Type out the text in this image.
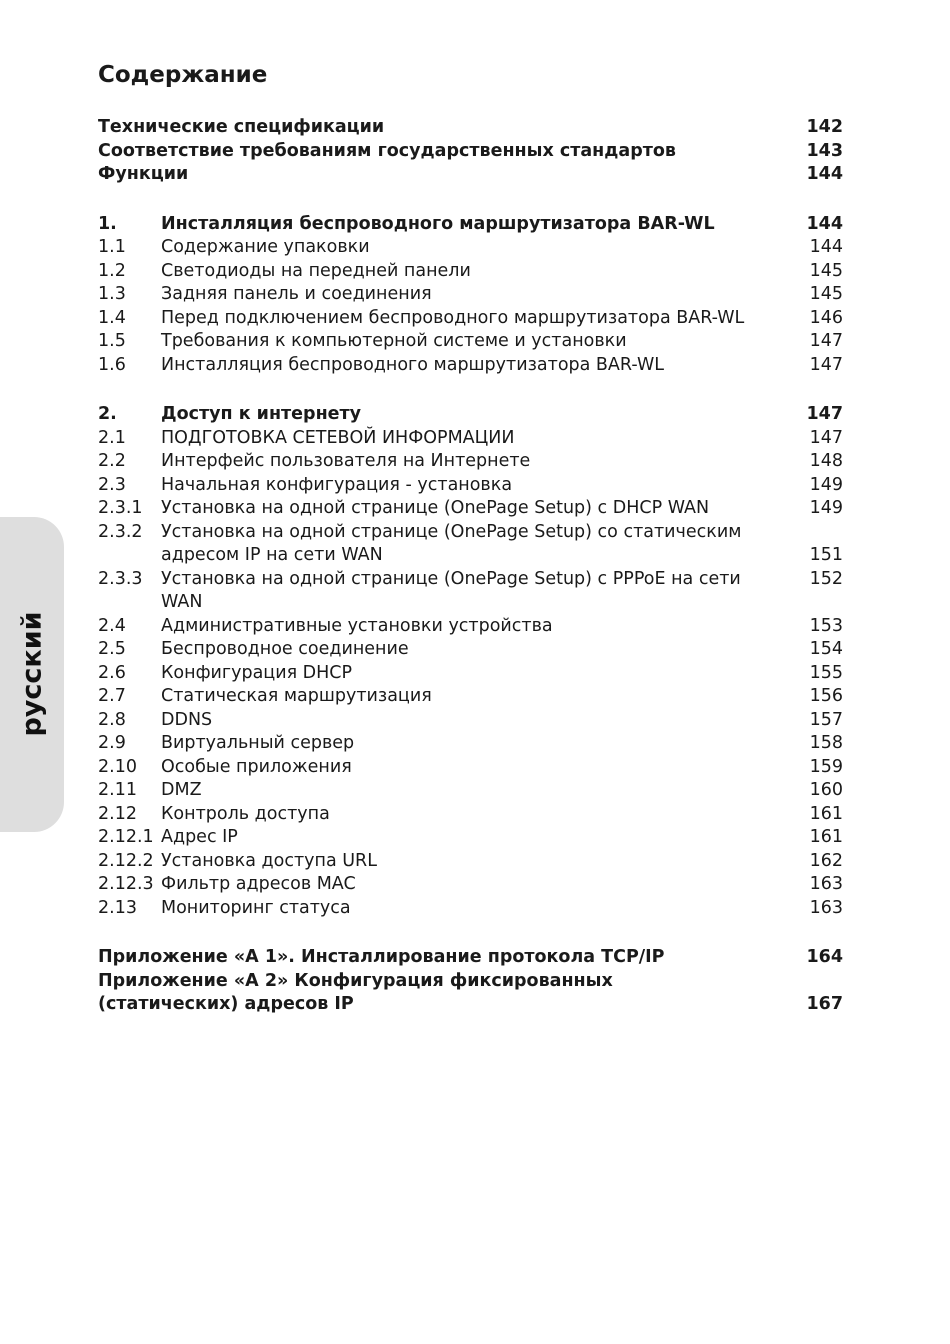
русский
Содержание
Технические спецификации	142
Соответствие требованиям государственных стандартов	143
Функции	144
1.	Инсталляция беспроводного маршрутизатора BAR-WL	144
1.1	Содержание упаковки	144
1.2	Светодиоды на передней панели	145
1.3	Задняя панель и соединения	145
1.4	Перед подключением беспроводного маршрутизатора BAR-WL	146
1.5	Требования к компьютерной системе и установки	147
1.6	Инсталляция беспроводного маршрутизатора BAR-WL	147
2.	Доступ к интернету	147
2.1	ПОДГОТОВКА СЕТЕВОЙ ИНФОРМАЦИИ	147
2.2	Интерфейс пользователя на Интернете	148
2.3	Начальная конфигурация - установка	149
2.3.1	Установка на одной странице (OnePage Setup) с DHCP WAN	149
2.3.2	Установка на одной странице (OnePage Setup) со статическим
адресом IP на сети WAN	151
2.3.3	Установка на одной странице (OnePage Setup) с PPPoE на сети WAN
152
2.4	Административные установки устройства	153
2.5	Беспроводное соединение	154
2.6	Конфигурация DHCP	155
2.7	Статическая маршрутизация	156
2.8	DDNS	157
2.9	Виртуальный сервер	158
2.10	Особые приложения	159
2.11	DMZ	160
2.12	Контроль доступа	161
2.12.1 Адрес IP	161
2.12.2 Установка доступа URL	162
2.12.3 Фильтр адресов MAC	163
2.13	Мониторинг статуса	163
Приложение «А 1». Инсталлирование протокола TCP/IP	164
Приложение «А 2» Конфигурация фиксированных
(статических) адресов IP	167
